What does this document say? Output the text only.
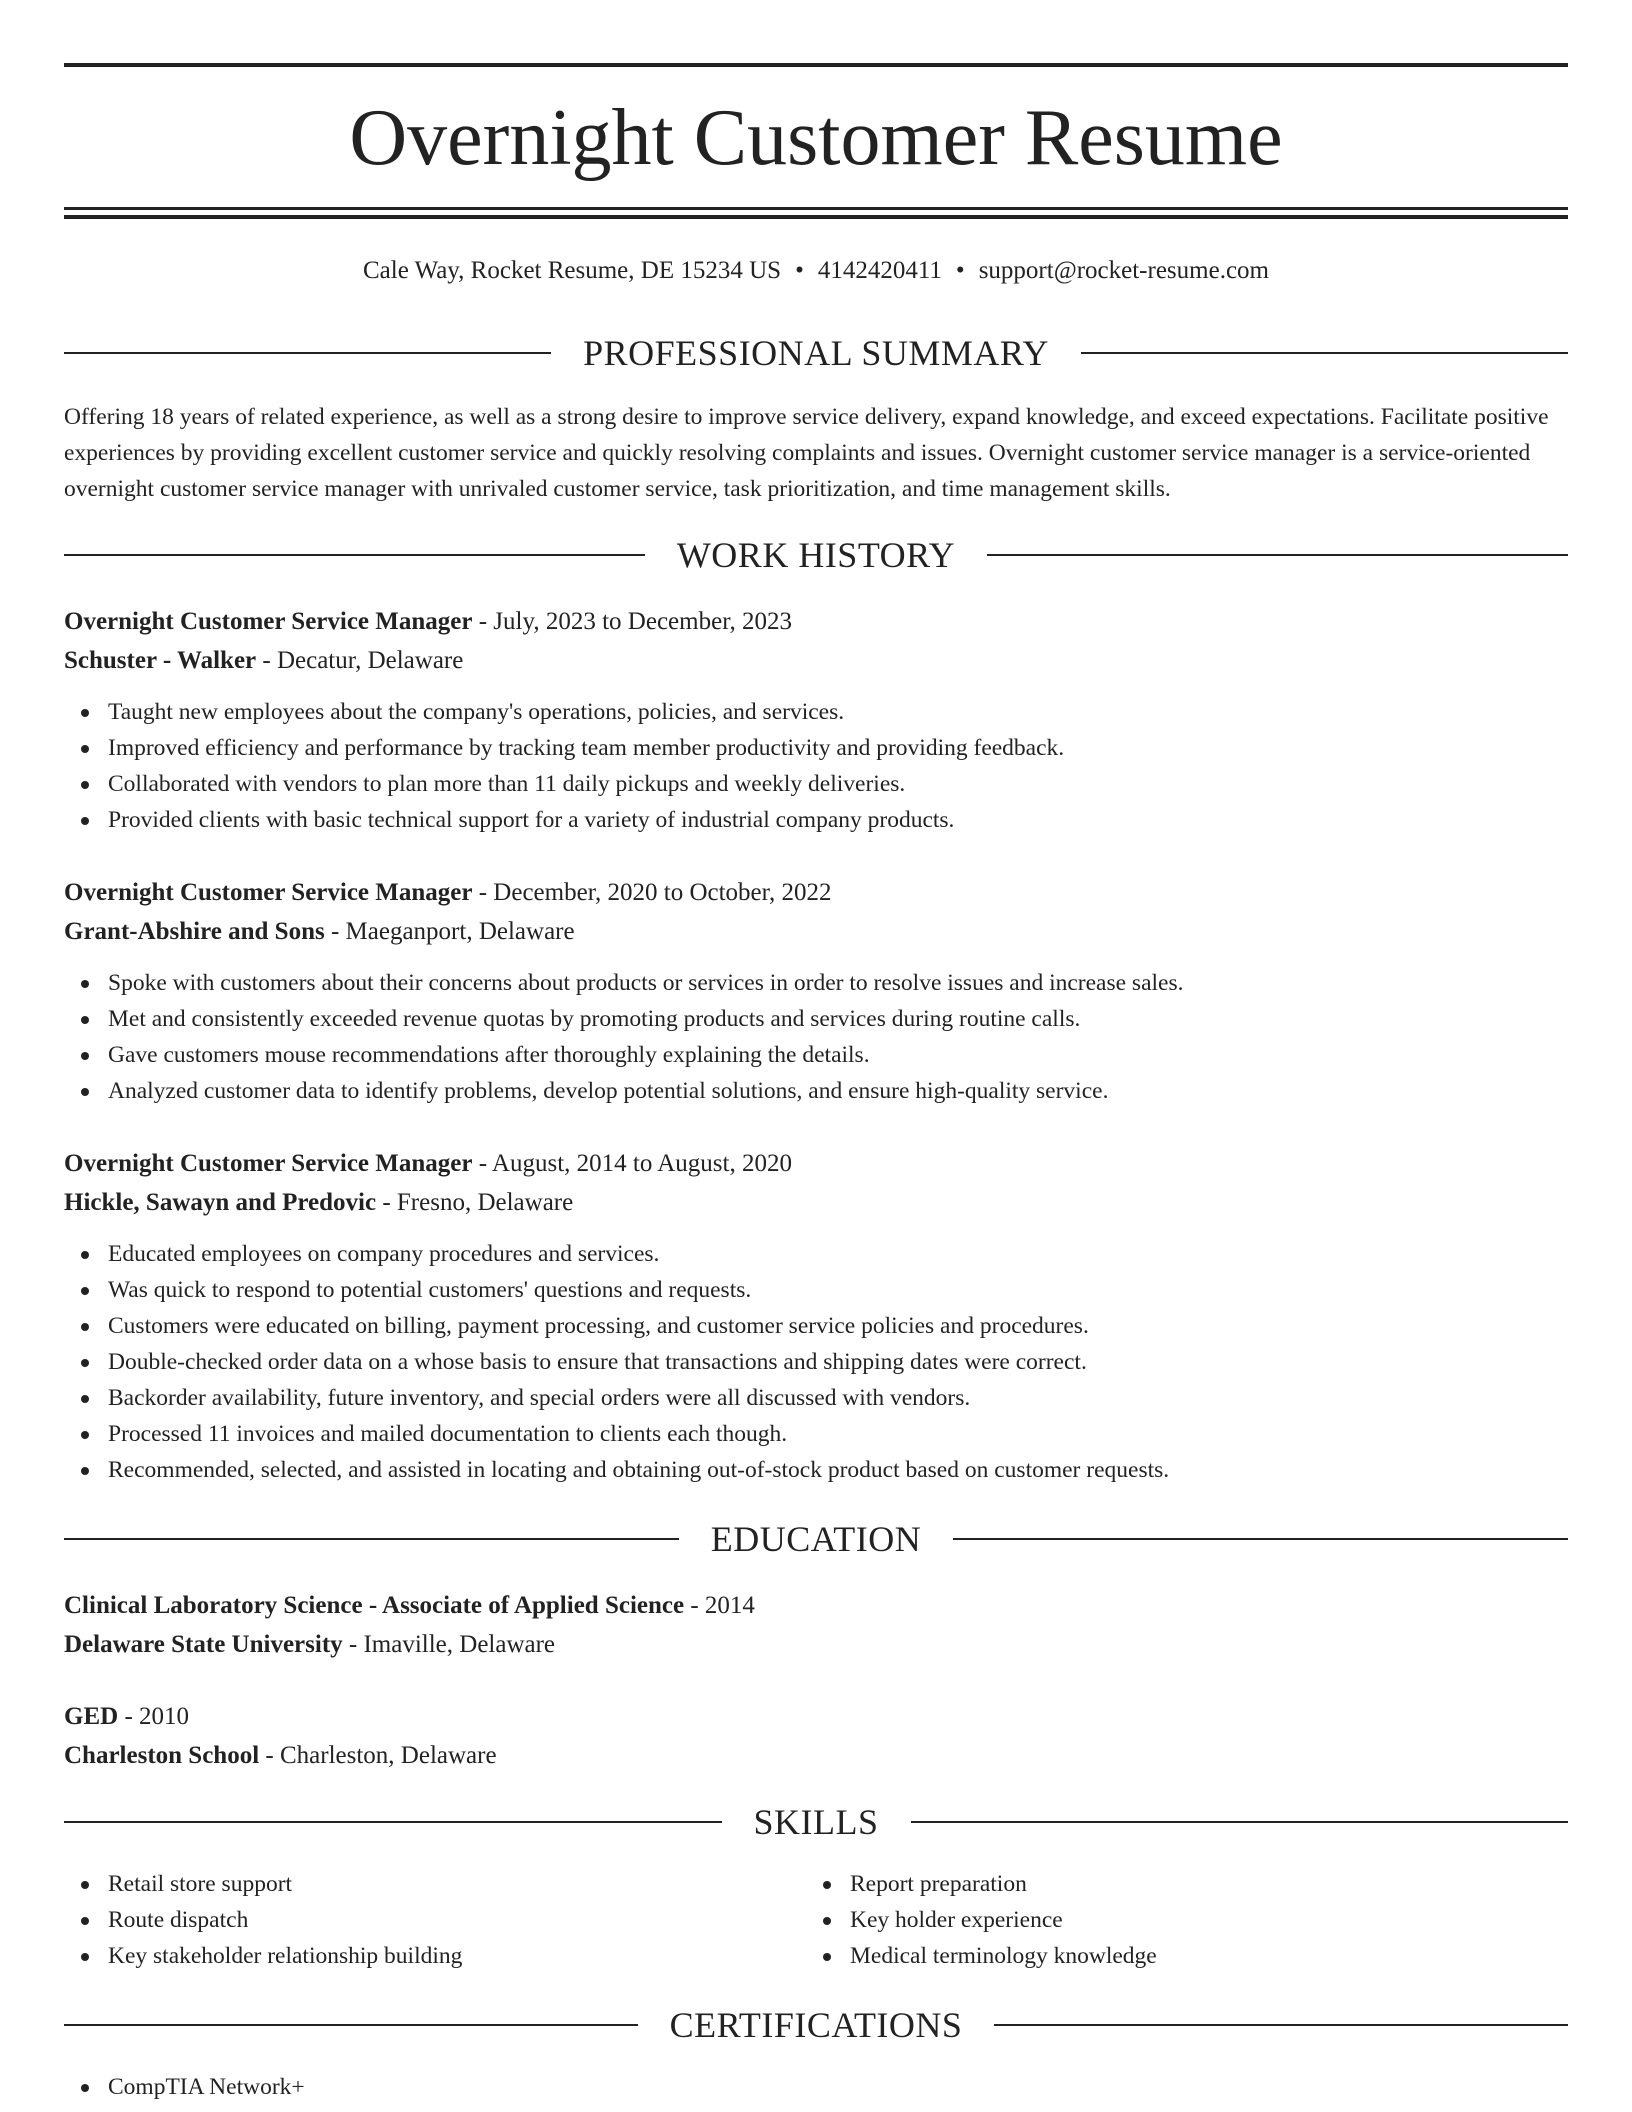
Overnight Customer Resume
Cale Way, Rocket Resume, DE 15234 US • 4142420411 • support@rocket-resume.com
PROFESSIONAL SUMMARY

Offering 18 years of related experience, as well as a strong desire to improve service delivery, expand knowledge, and exceed expectations. Facilitate positive experiences by providing excellent customer service and quickly resolving complaints and issues. Overnight customer service manager is a service-oriented overnight customer service manager with unrivaled customer service, task prioritization, and time management skills.

WORK HISTORY
Overnight Customer Service Manager - July, 2023 to December, 2023
Schuster - Walker - Decatur, Delaware
Taught new employees about the company's operations, policies, and services.
Improved efficiency and performance by tracking team member productivity and providing feedback.
Collaborated with vendors to plan more than 11 daily pickups and weekly deliveries.
Provided clients with basic technical support for a variety of industrial company products.
Overnight Customer Service Manager - December, 2020 to October, 2022
Grant-Abshire and Sons - Maeganport, Delaware
Spoke with customers about their concerns about products or services in order to resolve issues and increase sales.
Met and consistently exceeded revenue quotas by promoting products and services during routine calls.
Gave customers mouse recommendations after thoroughly explaining the details.
Analyzed customer data to identify problems, develop potential solutions, and ensure high-quality service.
Overnight Customer Service Manager - August, 2014 to August, 2020
Hickle, Sawayn and Predovic - Fresno, Delaware
Educated employees on company procedures and services.
Was quick to respond to potential customers' questions and requests.
Customers were educated on billing, payment processing, and customer service policies and procedures.
Double-checked order data on a whose basis to ensure that transactions and shipping dates were correct.
Backorder availability, future inventory, and special orders were all discussed with vendors.
Processed 11 invoices and mailed documentation to clients each though.
Recommended, selected, and assisted in locating and obtaining out-of-stock product based on customer requests.
EDUCATION
Clinical Laboratory Science - Associate of Applied Science - 2014
Delaware State University - Imaville, Delaware
GED - 2010
Charleston School - Charleston, Delaware
SKILLS
Retail store support
Route dispatch
Key stakeholder relationship building
Report preparation
Key holder experience
Medical terminology knowledge
CERTIFICATIONS
CompTIA Network+
